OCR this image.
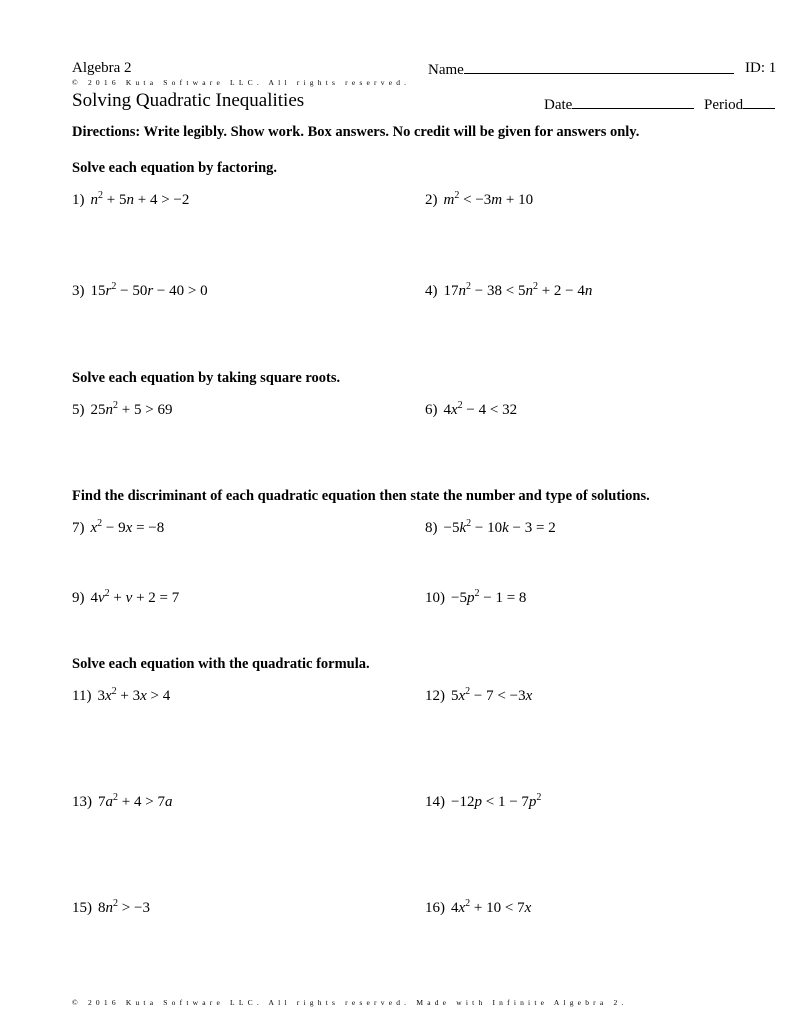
Algebra 2	Name	ID: 1
© 2016 Kuta Software LLC. All rights reserved.
Solving Quadratic Inequalities	Date	Period
Directions: Write legibly. Show work. Box answers. No credit will be given for answers only.
Solve each equation by factoring.
1) $n^2 + 5n + 4 > -2$	2) $m^2 < -3m + 10$
3) $15r^2 - 50r - 40 > 0$	4) $17n^2 - 38 < 5n^2 + 2 - 4n$
Solve each equation by taking square roots.
5) $25n^2 + 5 > 69$	6) $4x^2 - 4 < 32$
Find the discriminant of each quadratic equation then state the number and type of solutions.
7) $x^2 - 9x = -8$	$8) -5k^2 - 10k - 3 = 2$
9) $4v^2 + v + 2 = 7$	$10) -5p^2 - 1 = 8$
Solve each equation with the quadratic formula.
11) $3x^2 + 3x > 4$	12) $5x^2 - 7 < -3x$
13) $7a^2 + 4 > 7a$	$14) -12p < 1 - 7p^2$
15) $8n^2 > -3$	16) $4x^2 + 10 < 7x$
© 2016 Kuta Software LLC. All rights reserved. Made with Infinite Algebra 2.
